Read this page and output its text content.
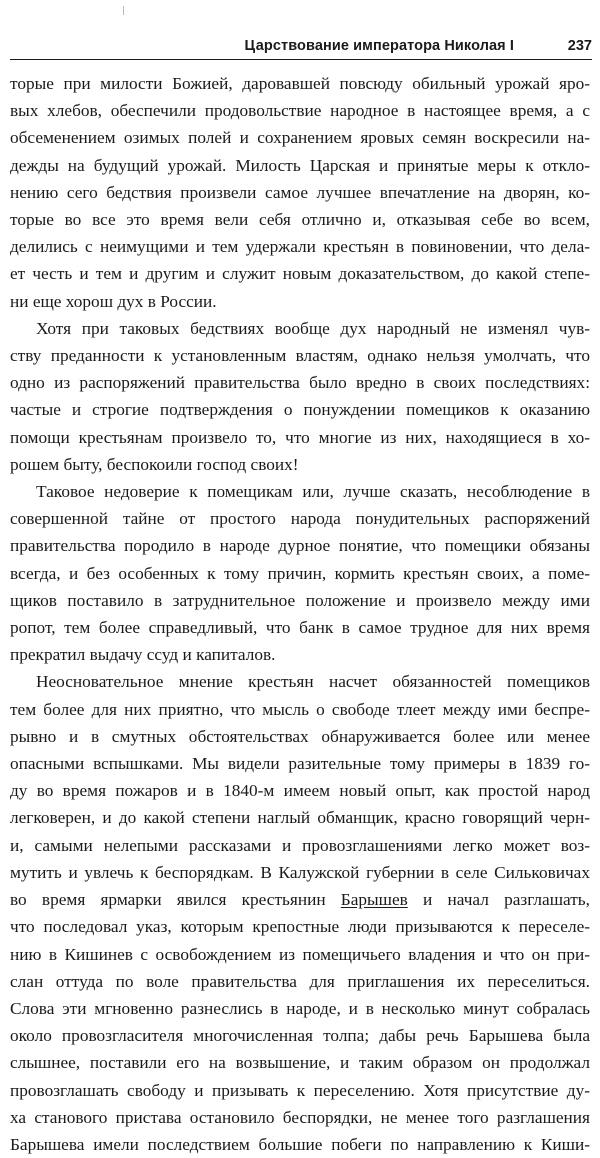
Царствование императора Николая I	237

торые при милости Божией, даровавшей повсюду обильный урожай яро-

вых хлебов, обеспечили продовольствие народное в настоящее время, а с

обсеменением озимых полей и сохранением яровых семян воскресили на-

дежды на будущий урожай. Милость Царская и принятые меры к откло-

нению сего бедствия произвели самое лучшее впечатление на дворян, ко-

торые во все это время вели себя отлично и, отказывая себе во всем,

делились с неимущими и тем удержали крестьян в повиновении, что дела-

ет честь и тем и другим и служит новым доказательством, до какой степе-

ни еще хорош дух в России.

Хотя при таковых бедствиях вообще дух народный не изменял чув-

ству преданности к установленным властям, однако нельзя умолчать, что

одно из распоряжений правительства было вредно в своих последствиях:

частые и строгие подтверждения о понуждении помещиков к оказанию

помощи крестьянам произвело то, что многие из них, находящиеся в хо-

рошем быту, беспокоили господ своих!

Таковое недоверие к помещикам или, лучше сказать, несоблюдение в

совершенной тайне от простого народа понудительных распоряжений

правительства породило в народе дурное понятие, что помещики обязаны

всегда, и без особенных к тому причин, кормить крестьян своих, а поме-

щиков поставило в затруднительное положение и произвело между ими

ропот, тем более справедливый, что банк в самое трудное для них время

прекратил выдачу ссуд и капиталов.

Неосновательное мнение крестьян насчет обязанностей помещиков

тем более для них приятно, что мысль о свободе тлеет между ими беспре-

рывно и в смутных обстоятельствах обнаруживается более или менее

опасными вспышками. Мы видели разительные тому примеры в 1839 го-

ду во время пожаров и в 1840-м имеем новый опыт, как простой народ

легковерен, и до какой степени наглый обманщик, красно говорящий черн-

и, самыми нелепыми рассказами и провозглашениями легко может воз-

мутить и увлечь к беспорядкам. В Калужской губернии в селе Сильковичах

во время ярмарки явился крестьянин Барышев и начал разглашать,

что последовал указ, которым крепостные люди призываются к переселе-

нию в Кишинев с освобождением из помещичьего владения и что он при-

слан оттуда по воле правительства для приглашения их переселиться.

Слова эти мгновенно разнеслись в народе, и в несколько минут собралась

около провозгласителя многочисленная толпа; дабы речь Барышева была

слышнее, поставили его на возвышение, и таким образом он продолжал

провозглашать свободу и призывать к переселению. Хотя присутствие ду-

ха станового пристава остановило беспорядки, не менее того разглашения

Барышева имели последствием большие побеги по направлению к Киши-
